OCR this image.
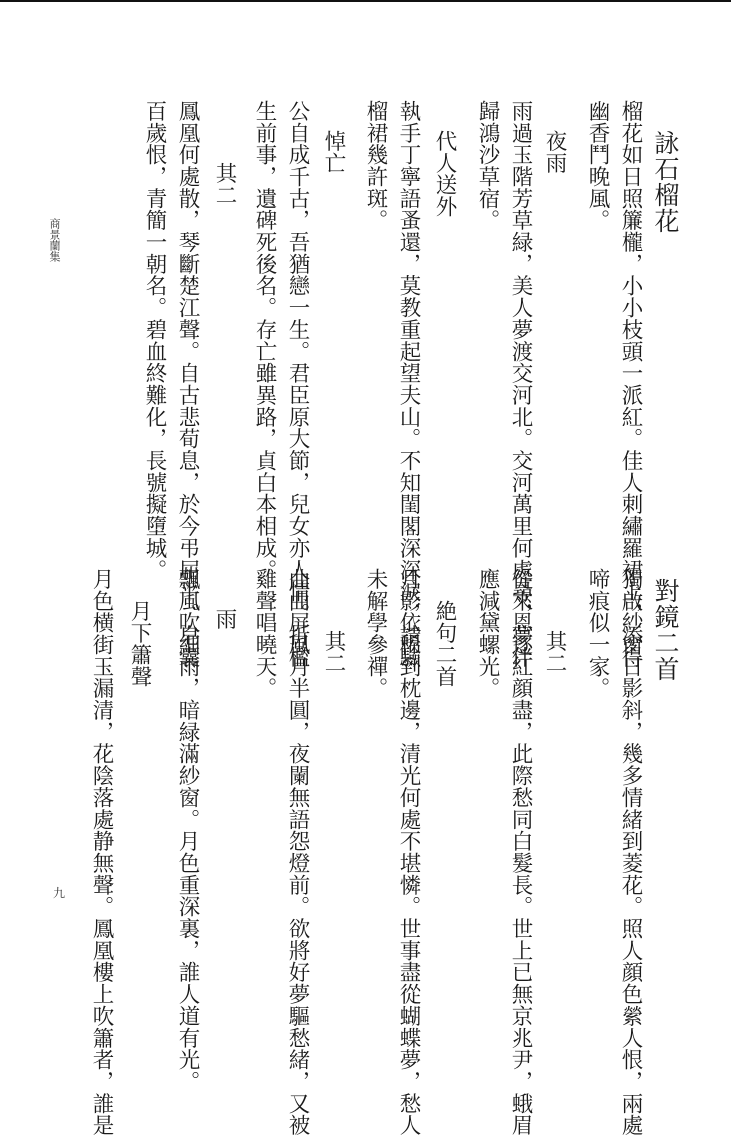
詠石榴花
榴花如日照簾櫳，小小枝頭一派紅。佳人刺繡羅裙上，添得
幽香鬥晚風。
夜雨
雨過玉階芳草緑，美人夢渡交河北。交河萬里何處尋，夢伴
歸鴻沙草宿。
代人送外
執手丁寧語蚤還，莫教重起望夫山。不知閨閣深深淚，請驗
榴裙幾許斑。
悼亡
公自成千古，吾猶戀一生。君臣原大節，兒女亦人情。折檻
生前事，遺碑死後名。存亡雖異路，貞白本相成。
其二
鳳凰何處散，琴斷楚江聲。自古悲荀息，於今弔屈平。皂囊
百歲恨，青簡一朝名。碧血終難化，長號擬墮城。
對鏡二首
獨啟紗窗日影斜，幾多情緒到菱花。照人顔色縈人恨，兩處
啼痕似一家。
其二
從來恩逐紅顔盡，此際愁同白髮長。世上已無京兆尹，蛾眉
應減黛螺光。
絶句二首
月影依稀到枕邊，清光何處不堪憐。世事盡從蝴蝶夢，愁人
未解學參禪。
其二
曲曲屏風月半圓，夜闌無語怨燈前。欲將好夢驅愁緒，又被
雞聲唱曉天。
雨
飄風吹細雨，暗緑滿紗窗。月色重深裏，誰人道有光。
月下簫聲
月色横街玉漏清，花陰落處静無聲。鳳凰樓上吹簫者，誰是
商景蘭集
九
